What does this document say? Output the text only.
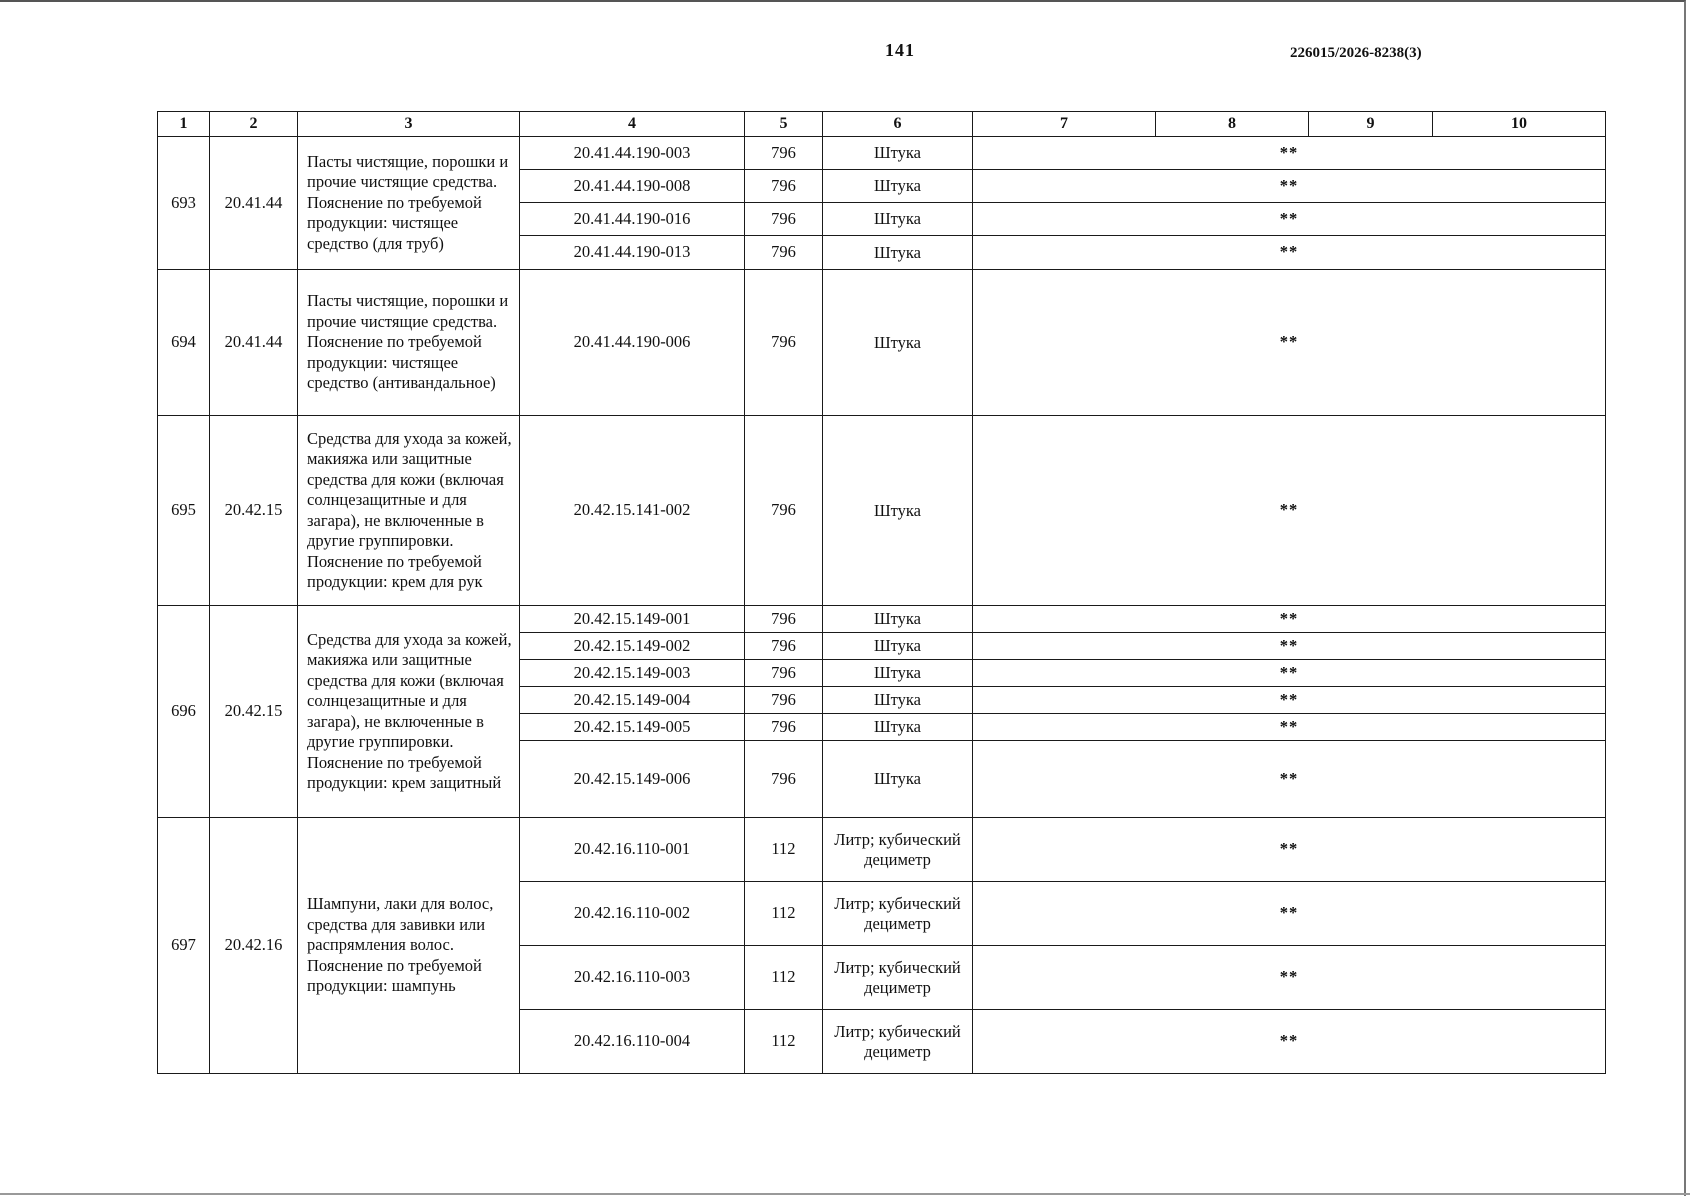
141	226015/2026-8238(3)
1	2	3	4	5	6	7	8	9	10
693	20.41.44	Пасты чистящие, порошки и прочие чистящие средства. Пояснение по требуемой продукции: чистящее средство (для труб)	20.41.44.190-003	796	Штука	**			
			20.41.44.190-008	796	Штука	**			
			20.41.44.190-016	796	Штука	**			
			20.41.44.190-013	796	Штука	**			
694	20.41.44	Пасты чистящие, порошки и прочие чистящие средства. Пояснение по требуемой продукции: чистящее средство (антивандальное)	20.41.44.190-006	796	Штука	**			
695	20.42.15	Средства для ухода за кожей, макияжа или защитные средства для кожи (включая солнцезащитные и для загара), не включенные в другие группировки. Пояснение по требуемой продукции: крем для рук	20.42.15.141-002	796	Штука	**			
696	20.42.15	Средства для ухода за кожей, макияжа или защитные средства для кожи (включая солнцезащитные и для загара), не включенные в другие группировки. Пояснение по требуемой продукции: крем защитный	20.42.15.149-001	796	Штука	**			
			20.42.15.149-002	796	Штука	**			
			20.42.15.149-003	796	Штука	**			
			20.42.15.149-004	796	Штука	**			
			20.42.15.149-005	796	Штука	**			
			20.42.15.149-006	796	Штука	**			
697	20.42.16	Шампуни, лаки для волос, средства для завивки или распрямления волос. Пояснение по требуемой продукции: шампунь	20.42.16.110-001	112	Литр; кубический дециметр	**			
			20.42.16.110-002	112	Литр; кубический дециметр	**			
			20.42.16.110-003	112	Литр; кубический дециметр	**			
			20.42.16.110-004	112	Литр; кубический дециметр	**			
